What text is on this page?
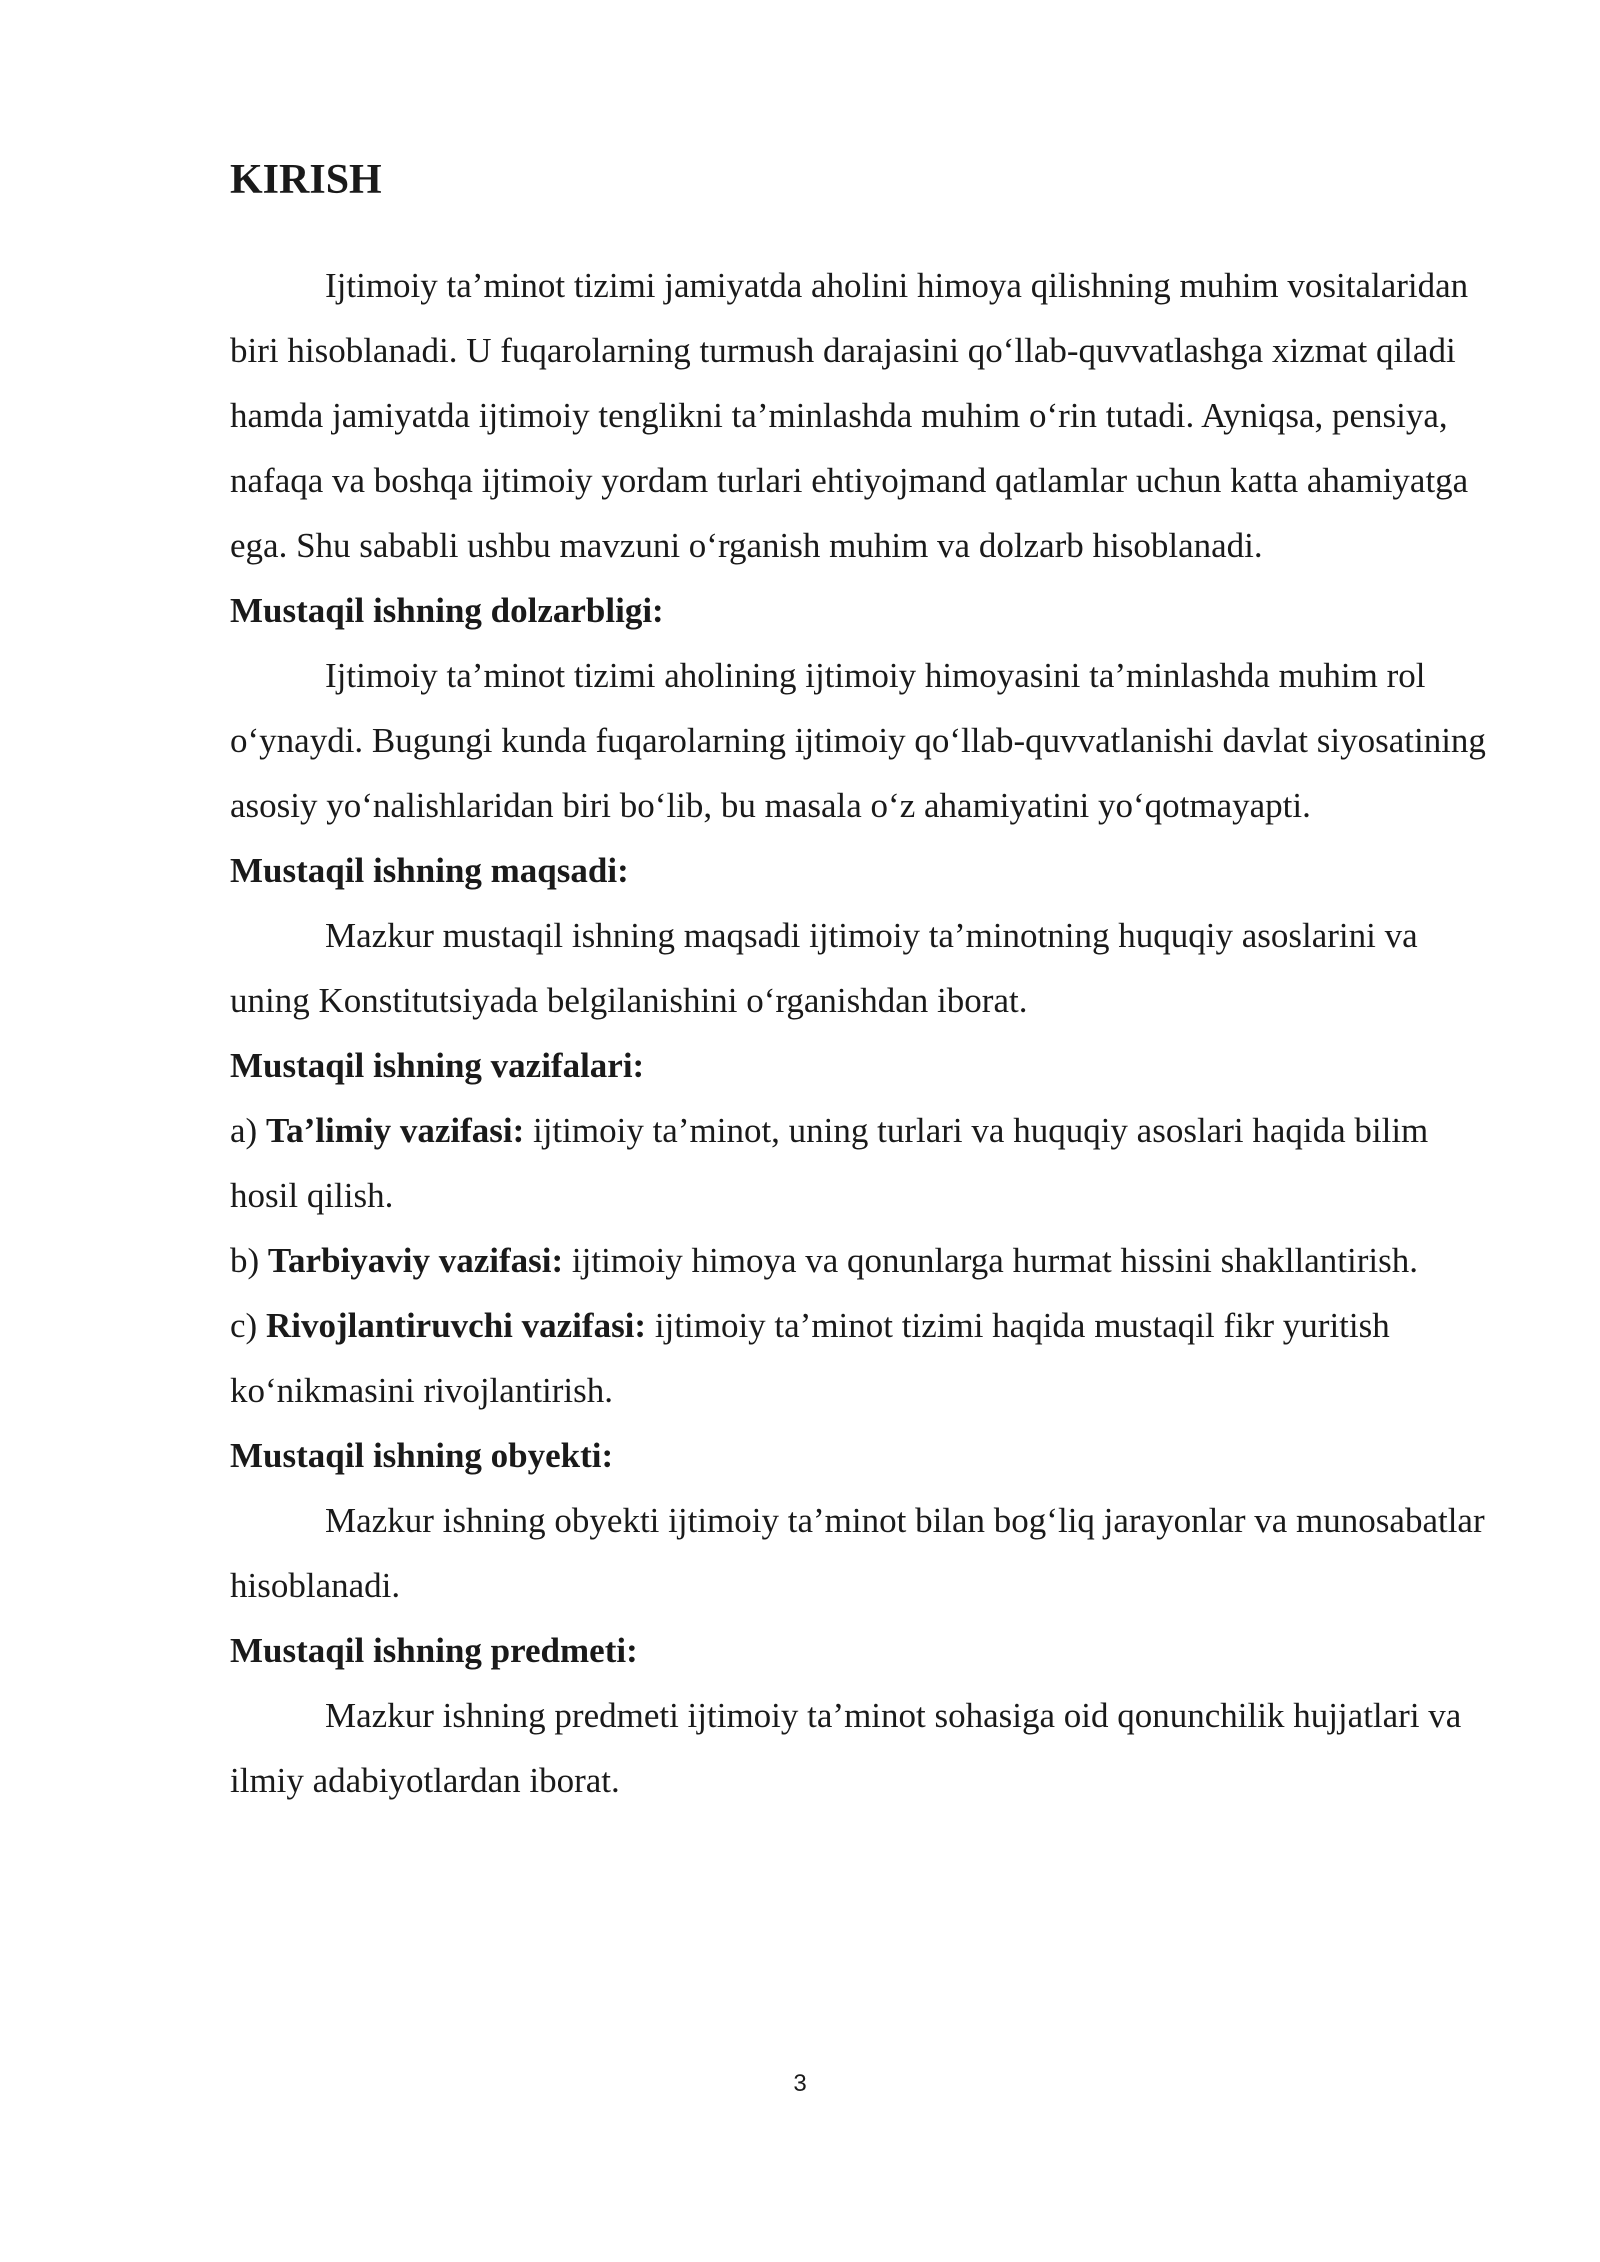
KIRISH

Ijtimoiy ta’minot tizimi jamiyatda aholini himoya qilishning muhim vositalaridan biri hisoblanadi. U fuqarolarning turmush darajasini qo‘llab-quvvatlashga xizmat qiladi hamda jamiyatda ijtimoiy tenglikni ta’minlashda muhim o‘rin tutadi. Ayniqsa, pensiya, nafaqa va boshqa ijtimoiy yordam turlari ehtiyojmand qatlamlar uchun katta ahamiyatga ega. Shu sababli ushbu mavzuni o‘rganish muhim va dolzarb hisoblanadi.

Mustaqil ishning dolzarbligi:

Ijtimoiy ta’minot tizimi aholining ijtimoiy himoyasini ta’minlashda muhim rol o‘ynaydi. Bugungi kunda fuqarolarning ijtimoiy qo‘llab-quvvatlanishi davlat siyosatining asosiy yo‘nalishlaridan biri bo‘lib, bu masala o‘z ahamiyatini yo‘qotmayapti.

Mustaqil ishning maqsadi:

Mazkur mustaqil ishning maqsadi ijtimoiy ta’minotning huquqiy asoslarini va uning Konstitutsiyada belgilanishini o‘rganishdan iborat.

Mustaqil ishning vazifalari:

a) Ta’limiy vazifasi: ijtimoiy ta’minot, uning turlari va huquqiy asoslari haqida bilim hosil qilish.

b) Tarbiyaviy vazifasi: ijtimoiy himoya va qonunlarga hurmat hissini shakllantirish.

c) Rivojlantiruvchi vazifasi: ijtimoiy ta’minot tizimi haqida mustaqil fikr yuritish ko‘nikmasini rivojlantirish.

Mustaqil ishning obyekti:

Mazkur ishning obyekti ijtimoiy ta’minot bilan bog‘liq jarayonlar va munosabatlar hisoblanadi.

Mustaqil ishning predmeti:

Mazkur ishning predmeti ijtimoiy ta’minot sohasiga oid qonunchilik hujjatlari va ilmiy adabiyotlardan iborat.

3
